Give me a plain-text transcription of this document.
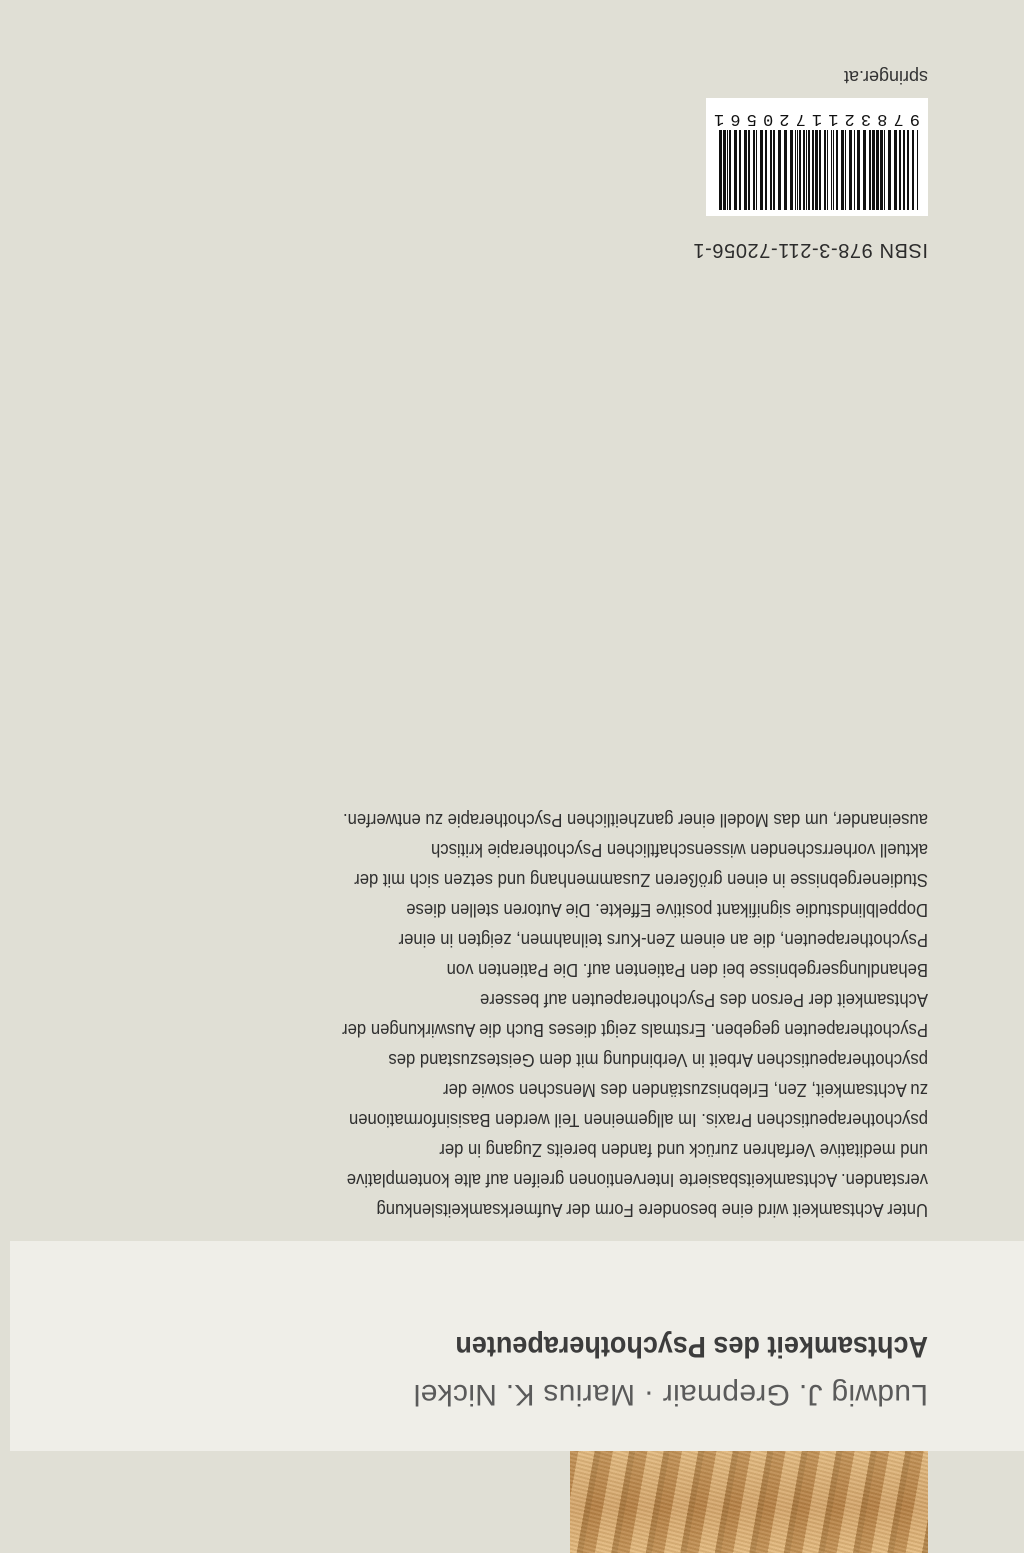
Ludwig J. Grepmair · Marius K. Nickel
Achtsamkeit des Psychotherapeuten

Unter Achtsamkeit wird eine besondere Form der Aufmerksamkeitslenkung verstanden. Achtsamkeitsbasierte Interventionen greifen auf alte kontemplative und meditative Verfahren zurück und fanden bereits Zugang in der psychotherapeutischen Praxis. Im allgemeinen Teil werden Basisinformationen zu Achtsamkeit, Zen, Erlebniszuständen des Menschen sowie der psychotherapeutischen Arbeit in Verbindung mit dem Geisteszustand des Psychotherapeuten gegeben. Erstmals zeigt dieses Buch die Auswirkungen der Achtsamkeit der Person des Psychotherapeuten auf bessere Behandlungsergebnisse bei den Patienten auf. Die Patienten von Psychotherapeuten, die an einem Zen-Kurs teilnahmen, zeigten in einer Doppelblindstudie signifikant positive Effekte. Die Autoren stellen diese Studienergebnisse in einen größeren Zusammenhang und setzen sich mit der aktuell vorherrschenden wissenschaftlichen Psychotherapie kritisch auseinander, um das Modell einer ganzheitlichen Psychotherapie zu entwerfen.

ISBN 978-3-211-72056-1
9
7
8
3
2
1
1
7
2
0
5
6
1
springer.at
